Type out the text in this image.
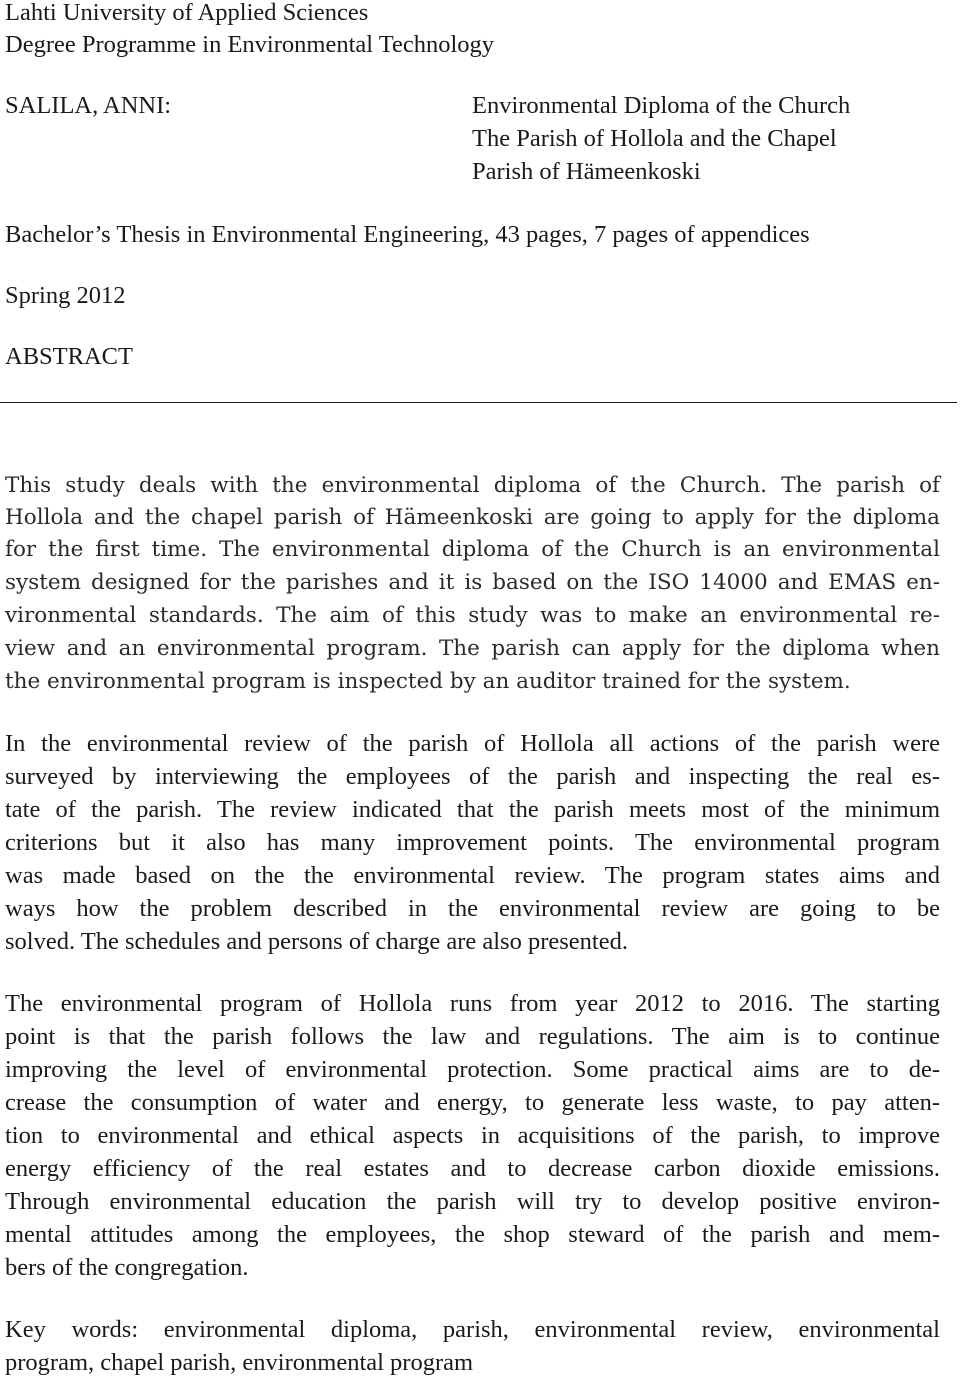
Lahti University of Applied Sciences
Degree Programme in Environmental Technology
SALILA, ANNI:	Environmental Diploma of the Church
The Parish of Hollola and the Chapel
Parish of Hämeenkoski
Bachelor’s Thesis in Environmental Engineering, 43 pages, 7 pages of appendices
Spring 2012
ABSTRACT
This study deals with the environmental diploma of the Church. The parish of
Hollola and the chapel parish of Hämeenkoski are going to apply for the diploma
for the first time. The environmental diploma of the Church is an environmental
system designed for the parishes and it is based on the ISO 14000 and EMAS en-
vironmental standards. The aim of this study was to make an environmental re-
view and an environmental program. The parish can apply for the diploma when
the environmental program is inspected by an auditor trained for the system.
In the environmental review of the parish of Hollola all actions of the parish were
surveyed by interviewing the employees of the parish and inspecting the real es-
tate of the parish. The review indicated that the parish meets most of the minimum
criterions but it also has many improvement points. The environmental program
was made based on the the environmental review. The program states aims and
ways how the problem described in the environmental review are going to be
solved. The schedules and persons of charge are also presented.
The environmental program of Hollola runs from year 2012 to 2016. The starting
point is that the parish follows the law and regulations. The aim is to continue
improving the level of environmental protection. Some practical aims are to de-
crease the consumption of water and energy, to generate less waste, to pay atten-
tion to environmental and ethical aspects in acquisitions of the parish, to improve
energy efficiency of the real estates and to decrease carbon dioxide emissions.
Through environmental education the parish will try to develop positive environ-
mental attitudes among the employees, the shop steward of the parish and mem-
bers of the congregation.
Key words: environmental diploma, parish, environmental review, environmental
program, chapel parish, environmental program
